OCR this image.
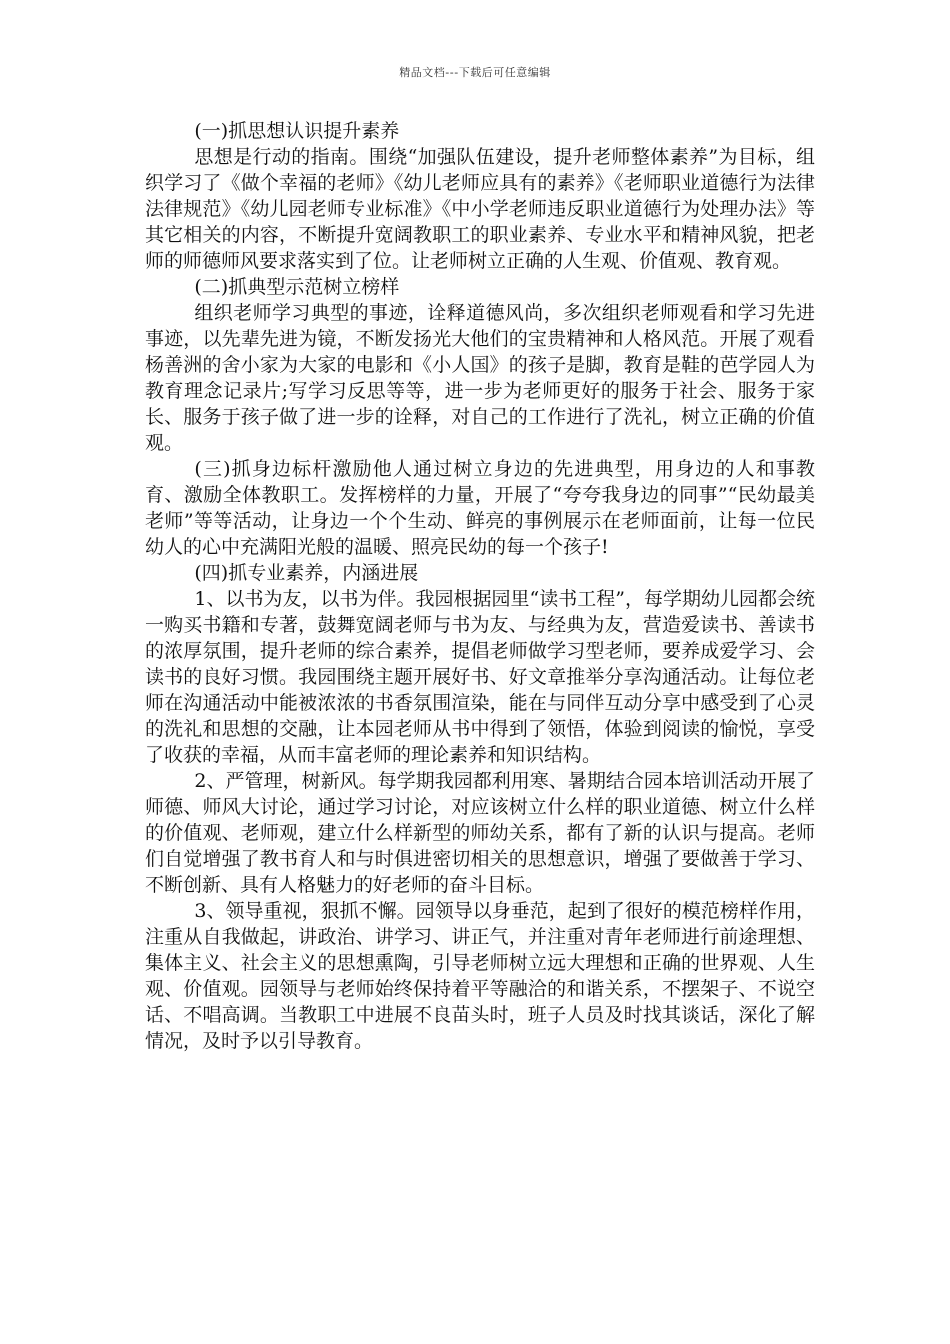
精品文档---下载后可任意编辑

(一)抓思想认识提升素养

思想是行动的指南。围绕“加强队伍建设，提升老师整体素养”为目标，组织学习了《做个幸福的老师》《幼儿老师应具有的素养》《老师职业道德行为法律法律规范》《幼儿园老师专业标准》《中小学老师违反职业道德行为处理办法》等其它相关的内容，不断提升宽阔教职工的职业素养、专业水平和精神风貌，把老师的师德师风要求落实到了位。让老师树立正确的人生观、价值观、教育观。

(二)抓典型示范树立榜样

组织老师学习典型的事迹，诠释道德风尚，多次组织老师观看和学习先进事迹，以先辈先进为镜，不断发扬光大他们的宝贵精神和人格风范。开展了观看杨善洲的舍小家为大家的电影和《小人国》的孩子是脚，教育是鞋的芭学园人为教育理念记录片;写学习反思等等，进一步为老师更好的服务于社会、服务于家长、服务于孩子做了进一步的诠释，对自己的工作进行了洗礼，树立正确的价值观。

(三)抓身边标杆激励他人通过树立身边的先进典型，用身边的人和事教育、激励全体教职工。发挥榜样的力量，开展了“夸夸我身边的同事”“民幼最美老师”等等活动，让身边一个个生动、鲜亮的事例展示在老师面前，让每一位民幼人的心中充满阳光般的温暖、照亮民幼的每一个孩子!

(四)抓专业素养，内涵进展

1、以书为友，以书为伴。我园根据园里“读书工程”，每学期幼儿园都会统一购买书籍和专著，鼓舞宽阔老师与书为友、与经典为友，营造爱读书、善读书的浓厚氛围，提升老师的综合素养，提倡老师做学习型老师，要养成爱学习、会读书的良好习惯。我园围绕主题开展好书、好文章推举分享沟通活动。让每位老师在沟通活动中能被浓浓的书香氛围渲染，能在与同伴互动分享中感受到了心灵的洗礼和思想的交融，让本园老师从书中得到了领悟，体验到阅读的愉悦，享受了收获的幸福，从而丰富老师的理论素养和知识结构。

2、严管理，树新风。每学期我园都利用寒、暑期结合园本培训活动开展了师德、师风大讨论，通过学习讨论，对应该树立什么样的职业道德、树立什么样的价值观、老师观，建立什么样新型的师幼关系，都有了新的认识与提高。老师们自觉增强了教书育人和与时俱进密切相关的思想意识，增强了要做善于学习、不断创新、具有人格魅力的好老师的奋斗目标。

3、领导重视，狠抓不懈。园领导以身垂范，起到了很好的模范榜样作用，注重从自我做起，讲政治、讲学习、讲正气，并注重对青年老师进行前途理想、集体主义、社会主义的思想熏陶，引导老师树立远大理想和正确的世界观、人生观、价值观。园领导与老师始终保持着平等融洽的和谐关系，不摆架子、不说空话、不唱高调。当教职工中进展不良苗头时，班子人员及时找其谈话，深化了解情况，及时予以引导教育。
